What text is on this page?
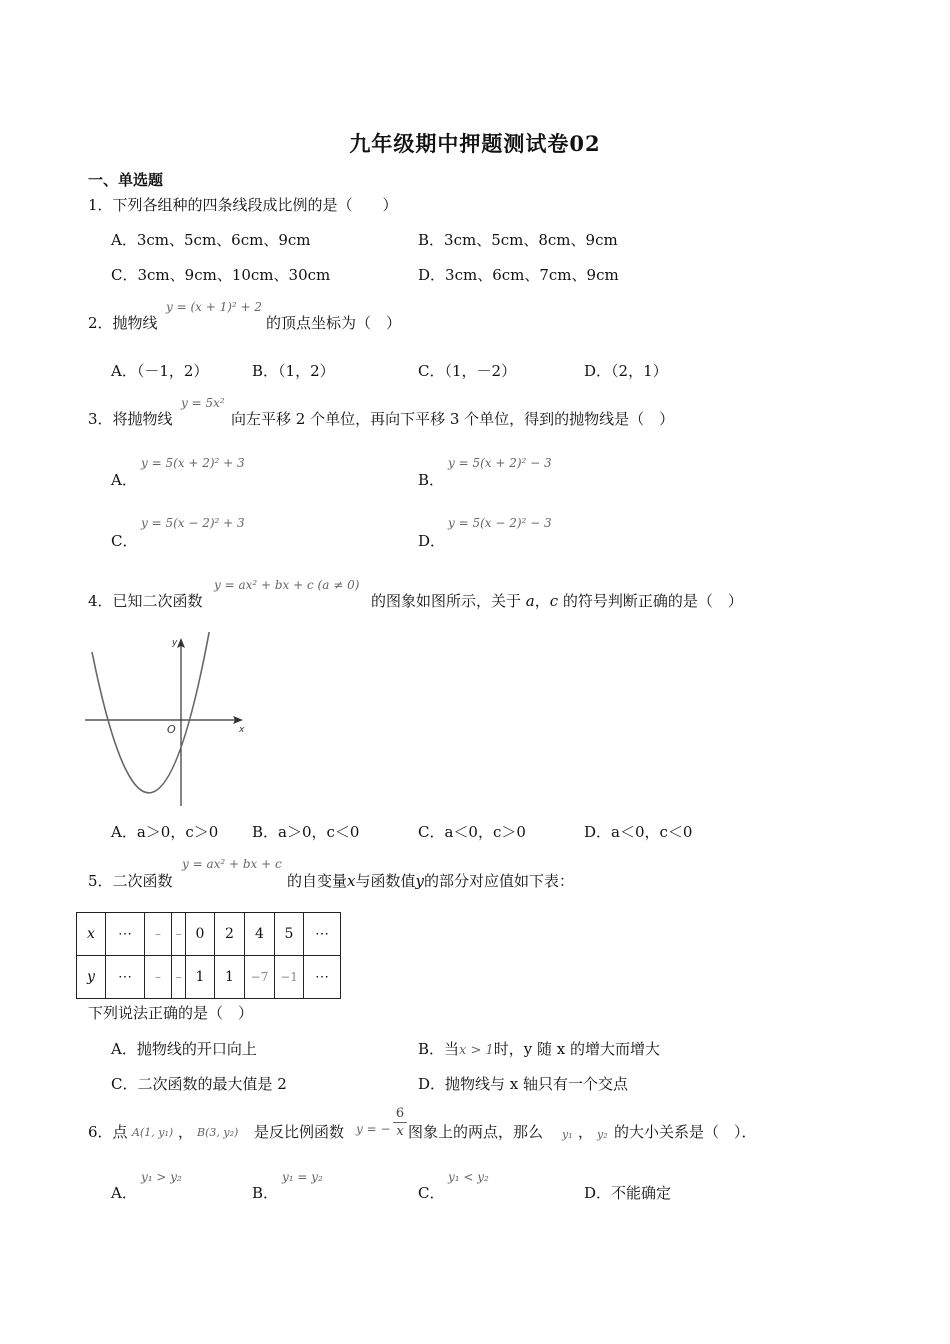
九年级期中押题测试卷02
一、单选题
1．下列各组种的四条线段成比例的是（　　）
A．3cm、5cm、6cm、9cm	B．3cm、5cm、8cm、9cm
C．3cm、9cm、10cm、30cm	D．3cm、6cm、7cm、9cm
2．抛物线
y = (x + 1)² + 2
的顶点坐标为（　）
A．（－1，2）	B．（1，2）	C．（1，－2）	D．（2，1）
3．将抛物线
y = 5x²
向左平移 2 个单位，再向下平移 3 个单位，得到的抛物线是（　）
A．
y = 5(x + 2)² + 3
B．
y = 5(x + 2)² − 3
C．
y = 5(x − 2)² + 3
D．
y = 5(x − 2)² − 3
4．已知二次函数
y = ax² + bx + c (a ≠ 0)
的图象如图所示，关于 a，c 的符号判断正确的是（　）
y
x
O
A．a＞0，c＞0 B．a＞0，c＜0	C．a＜0，c＞0	D．a＜0，c＜0
5．二次函数
y = ax² + bx + c
的自变量x与函数值y的部分对应值如下表：
x	⋯	–	–	0	2	4	5	⋯
y	⋯	–	–	1	1	−7	−1	⋯
下列说法正确的是（　）
A．抛物线的开口向上	B．当x > 1时，y 随 x 的增大而增大
C．二次函数的最大值是 2	D．抛物线与 x 轴只有一个交点
6．点 A(1, y₁) ， B(3, y₂) 是反比例函数 y = − $\frac{6}{x}$ 图象上的两点，那么 y₁ ， y₂ 的大小关系是（　）．
A．
y₁ > y₂
B．
y₁ = y₂
C．
y₁ < y₂
D．不能确定
